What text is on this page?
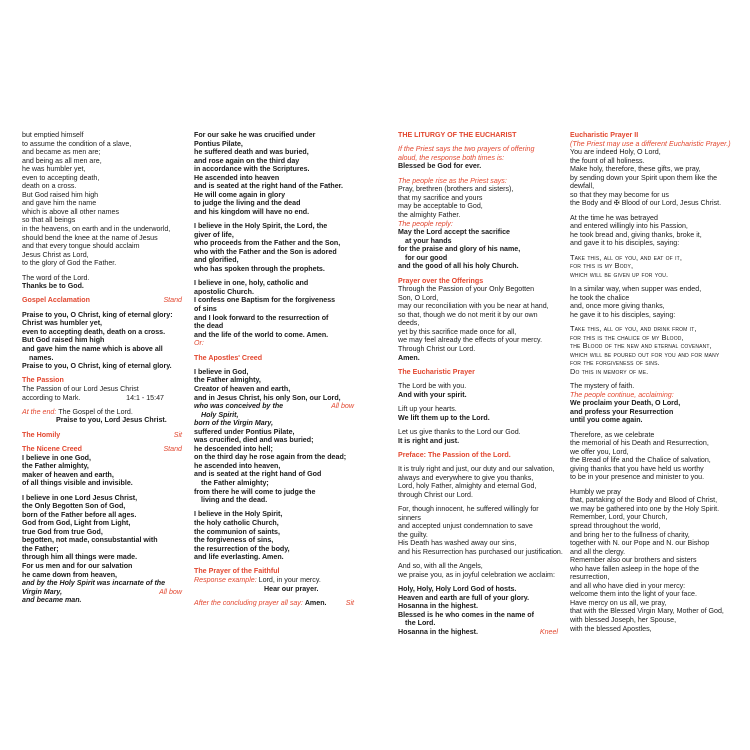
but emptied himself
to assume the condition of a slave,
and became as men are;
and being as all men are,
he was humbler yet,
even to accepting death,
death on a cross.
But God raised him high
and gave him the name
which is above all other names
so that all beings
in the heavens, on earth and in the underworld,
should bend the knee at the name of Jesus
and that every tongue should acclaim
Jesus Christ as Lord,
to the glory of God the Father.
The word of the Lord.
Thanks be to God.
Gospel Acclamation	Stand
Praise to you, O Christ, king of eternal glory:
Christ was humbler yet,
even to accepting death, death on a cross.
But God raised him high
and gave him the name which is above all
names.
Praise to you, O Christ, king of eternal glory.
The Passion
The Passion of our Lord Jesus Christ
according to Mark.	14:1 - 15:47
At the end: The Gospel of the Lord.
Praise to you, Lord Jesus Christ.
The Homily	Sit
The Nicene Creed	Stand
I believe in one God,
the Father almighty,
maker of heaven and earth,
of all things visible and invisible.
I believe in one Lord Jesus Christ,
the Only Begotten Son of God,
born of the Father before all ages.
God from God, Light from Light,
true God from true God,
begotten, not made, consubstantial with
the Father;
through him all things were made.
For us men and for our salvation
he came down from heaven,
and by the Holy Spirit was incarnate of the
Virgin Mary,	All bow
and became man.
For our sake he was crucified under
Pontius Pilate,
he suffered death and was buried,
and rose again on the third day
in accordance with the Scriptures.
He ascended into heaven
and is seated at the right hand of the Father.
He will come again in glory
to judge the living and the dead
and his kingdom will have no end.
I believe in the Holy Spirit, the Lord, the
giver of life,
who proceeds from the Father and the Son,
who with the Father and the Son is adored
and glorified,
who has spoken through the prophets.
I believe in one, holy, catholic and
apostolic Church.
I confess one Baptism for the forgiveness
of sins
and I look forward to the resurrection of
the dead
and the life of the world to come. Amen.
Or:
The Apostles' Creed
I believe in God,
the Father almighty,
Creator of heaven and earth,
and in Jesus Christ, his only Son, our Lord,
who was conceived by the	All bow
Holy Spirit,
born of the Virgin Mary,
suffered under Pontius Pilate,
was crucified, died and was buried;
he descended into hell;
on the third day he rose again from the dead;
he ascended into heaven,
and is seated at the right hand of God
the Father almighty;
from there he will come to judge the
living and the dead.
I believe in the Holy Spirit,
the holy catholic Church,
the communion of saints,
the forgiveness of sins,
the resurrection of the body,
and life everlasting. Amen.
The Prayer of the Faithful
Response example: Lord, in your mercy.
Hear our prayer.
After the concluding prayer all say: Amen.	Sit
THE LITURGY OF THE EUCHARIST
If the Priest says the two prayers of offering
aloud, the response both times is:
Blessed be God for ever.
The people rise as the Priest says:
Pray, brethren (brothers and sisters),
that my sacrifice and yours
may be acceptable to God,
the almighty Father.
The people reply:
May the Lord accept the sacrifice
at your hands
for the praise and glory of his name,
for our good
and the good of all his holy Church.
Prayer over the Offerings
Through the Passion of your Only Begotten
Son, O Lord,
may our reconciliation with you be near at hand,
so that, though we do not merit it by our own
deeds,
yet by this sacrifice made once for all,
we may feel already the effects of your mercy.
Through Christ our Lord.
Amen.
The Eucharistic Prayer
The Lord be with you.
And with your spirit.
Lift up your hearts.
We lift them up to the Lord.
Let us give thanks to the Lord our God.
It is right and just.
Preface: The Passion of the Lord.
It is truly right and just, our duty and our salvation,
always and everywhere to give you thanks,
Lord, holy Father, almighty and eternal God,
through Christ our Lord.
For, though innocent, he suffered willingly for
sinners
and accepted unjust condemnation to save
the guilty.
His Death has washed away our sins,
and his Resurrection has purchased our justification.
And so, with all the Angels,
we praise you, as in joyful celebration we acclaim:
Holy, Holy, Holy Lord God of hosts.
Heaven and earth are full of your glory.
Hosanna in the highest.
Blessed is he who comes in the name of
the Lord.
Hosanna in the highest.	Kneel
Eucharistic Prayer II
(The Priest may use a different Eucharistic Prayer.)
You are indeed Holy, O Lord,
the fount of all holiness.
Make holy, therefore, these gifts, we pray,
by sending down your Spirit upon them like the
dewfall,
so that they may become for us
the Body and ✠ Blood of our Lord, Jesus Christ.
At the time he was betrayed
and entered willingly into his Passion,
he took bread and, giving thanks, broke it,
and gave it to his disciples, saying:
Take this, all of you, and eat of it,
for this is my Body,
which will be given up for you.
In a similar way, when supper was ended,
he took the chalice
and, once more giving thanks,
he gave it to his disciples, saying:
Take this, all of you, and drink from it,
for this is the chalice of my Blood,
the Blood of the new and eternal covenant,
which will be poured out for you and for many
for the forgiveness of sins.
Do this in memory of me.
The mystery of faith.
The people continue, acclaiming:
We proclaim your Death, O Lord,
and profess your Resurrection
until you come again.
Therefore, as we celebrate
the memorial of his Death and Resurrection,
we offer you, Lord,
the Bread of life and the Chalice of salvation,
giving thanks that you have held us worthy
to be in your presence and minister to you.
Humbly we pray
that, partaking of the Body and Blood of Christ,
we may be gathered into one by the Holy Spirit.
Remember, Lord, your Church,
spread throughout the world,
and bring her to the fullness of charity,
together with N. our Pope and N. our Bishop
and all the clergy.
Remember also our brothers and sisters
who have fallen asleep in the hope of the
resurrection,
and all who have died in your mercy:
welcome them into the light of your face.
Have mercy on us all, we pray,
that with the Blessed Virgin Mary, Mother of God,
with blessed Joseph, her Spouse,
with the blessed Apostles,
